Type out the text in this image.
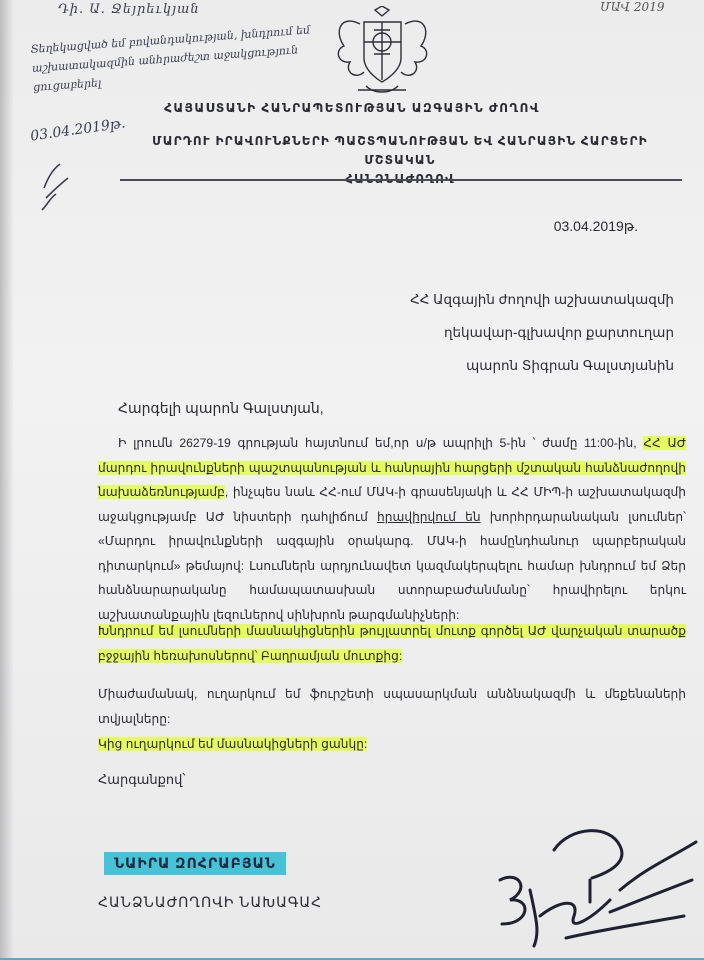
Դի. Ա. Ջեյրեւկյան
Տեղեկացված եմ բովանդակության, խնդրում եմ աշխատակազմին անհրաժեշտ աջակցություն ցուցաբերել
03.04.2019թ.
ՄԱՎ 2019
ՀԱՅԱՍՏԱՆԻ ՀԱՆՐԱՊԵՏՈՒԹՅԱՆ ԱԶԳԱՅԻՆ ԺՈՂՈՎ
ՄԱՐԴՈՒ ԻՐԱՎՈՒՆՔՆԵՐԻ ՊԱՇՏՊԱՆՈՒԹՅԱՆ ԵՎ ՀԱՆՐԱՅԻՆ ՀԱՐՑԵՐԻ ՄՇՏԱԿԱՆ
ՀԱՆՁՆԱԺՈՂՈՎ
03.04.2019թ.
ՀՀ Ազգային ժողովի աշխատակազմի
ղեկավար-գլխավոր քարտուղար
պարոն Տիգրան Գալստյանին
Հարգելի պարոն Գալստյան,
Ի լրումն 26279-19 գրության հայտնում եմ,որ ս/թ ապրիլի 5-ին ՝ ժամը 11:00-ին, ՀՀ ԱԺ մարդու իրավունքների պաշտպանության և հանրային հարցերի մշտական հանձնաժողովի նախաձեռնությամբ, ինչպես նաև ՀՀ-ում ՄԱԿ-ի գրասենյակի և ՀՀ ՄԻՊ-ի աշխատակազմի աջակցությամբ ԱԺ նիստերի դահլիճում հրավիրվում են խորհրդարանական լսումներ՝ «Մարդու իրավունքների ազգային օրակարգ. ՄԱԿ-ի համընդհանուր պարբերական դիտարկում» թեմայով: Լսումներն արդյունավետ կազմակերպելու համար խնդրում եմ Ձեր հանձնարարականը համապատասխան ստորաբաժանմանը՝ հրավիրելու երկու աշխատանքային լեզուներով սինխրոն թարգմանիչների:
Խնդրում եմ լսումների մասնակիցներին թույլատրել մուտք գործել ԱԺ վարչական տարածք բջջային հեռախոսներով՝ Բաղրամյան մուտքից:
Միաժամանակ, ուղարկում եմ ֆուրշետի սպասարկման անձնակազմի և մեքենաների տվյալները:
Կից ուղարկում եմ մասնակիցների ցանկը:
Հարգանքով՝
ՆԱԻՐԱ ԶՈՀՐԱԲՅԱՆ
ՀԱՆՁՆԱԺՈՂՈՎԻ ՆԱԽԱԳԱՀ
